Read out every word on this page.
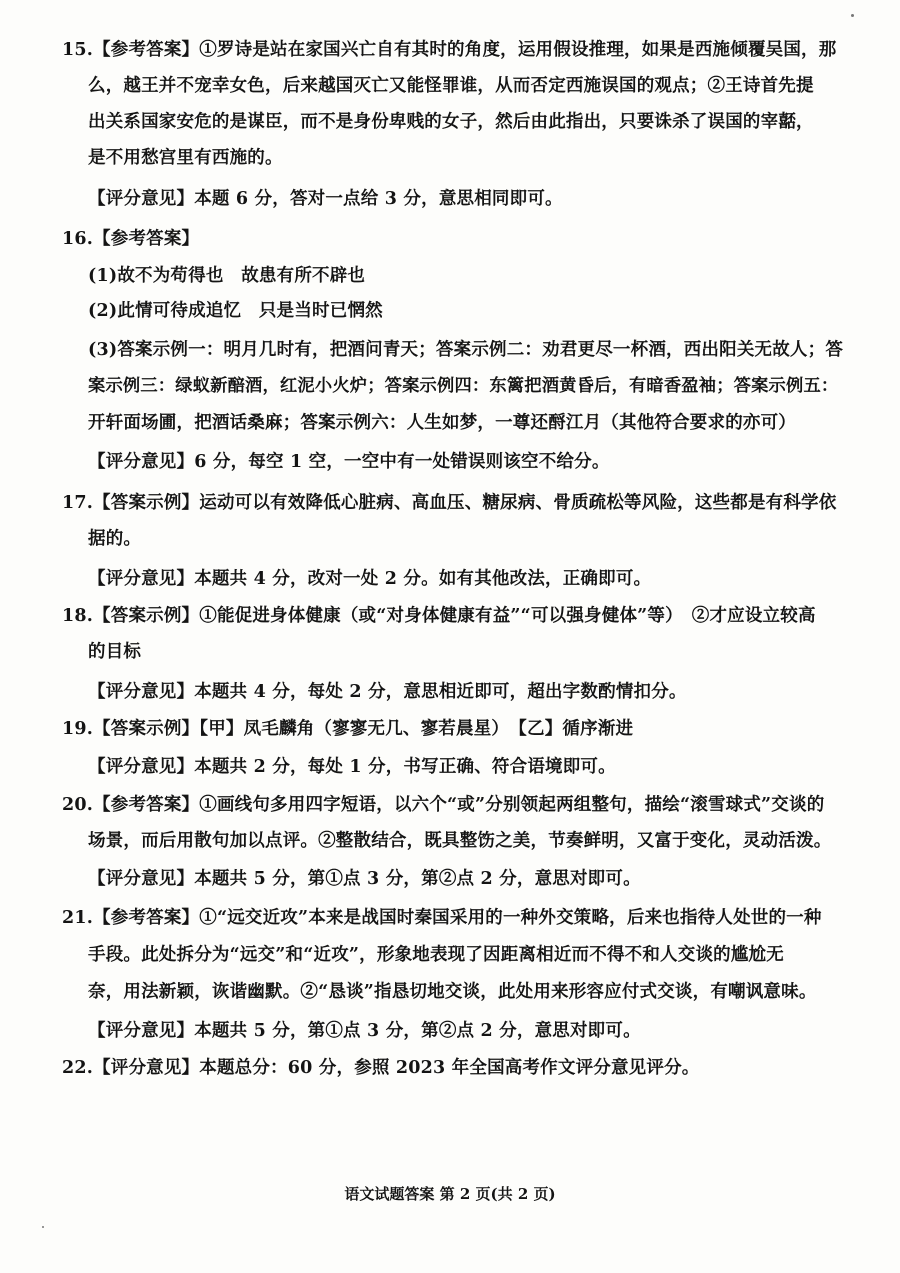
15.【参考答案】①罗诗是站在家国兴亡自有其时的角度，运用假设推理，如果是西施倾覆吴国，那
么，越王并不宠幸女色，后来越国灭亡又能怪罪谁，从而否定西施误国的观点；②王诗首先提
出关系国家安危的是谋臣，而不是身份卑贱的女子，然后由此指出，只要诛杀了误国的宰嚭，
是不用愁宫里有西施的。
【评分意见】本题 6 分，答对一点给 3 分，意思相同即可。
16.【参考答案】
(1)故不为苟得也　故患有所不辟也
(2)此情可待成追忆　只是当时已惘然
(3)答案示例一：明月几时有，把酒问青天；答案示例二：劝君更尽一杯酒，西出阳关无故人；答
案示例三：绿蚁新醅酒，红泥小火炉；答案示例四：东篱把酒黄昏后，有暗香盈袖；答案示例五：
开轩面场圃，把酒话桑麻；答案示例六：人生如梦，一尊还酹江月（其他符合要求的亦可）
【评分意见】6 分，每空 1 空，一空中有一处错误则该空不给分。
17.【答案示例】运动可以有效降低心脏病、高血压、糖尿病、骨质疏松等风险，这些都是有科学依
据的。
【评分意见】本题共 4 分，改对一处 2 分。如有其他改法，正确即可。
18.【答案示例】①能促进身体健康（或“对身体健康有益”“可以强身健体”等）　②才应设立较高
的目标
【评分意见】本题共 4 分，每处 2 分，意思相近即可，超出字数酌情扣分。
19.【答案示例】【甲】凤毛麟角（寥寥无几、寥若晨星）　【乙】循序渐进
【评分意见】本题共 2 分，每处 1 分，书写正确、符合语境即可。
20.【参考答案】①画线句多用四字短语，以六个“或”分别领起两组整句，描绘“滚雪球式”交谈的
场景，而后用散句加以点评。②整散结合，既具整饬之美，节奏鲜明，又富于变化，灵动活泼。
【评分意见】本题共 5 分，第①点 3 分，第②点 2 分，意思对即可。
21.【参考答案】①“远交近攻”本来是战国时秦国采用的一种外交策略，后来也指待人处世的一种
手段。此处拆分为“远交”和“近攻”，形象地表现了因距离相近而不得不和人交谈的尴尬无
奈，用法新颖，诙谐幽默。②“恳谈”指恳切地交谈，此处用来形容应付式交谈，有嘲讽意味。
【评分意见】本题共 5 分，第①点 3 分，第②点 2 分，意思对即可。
22.【评分意见】本题总分：60 分，参照 2023 年全国高考作文评分意见评分。
语文试题答案 第 2 页(共 2 页)
